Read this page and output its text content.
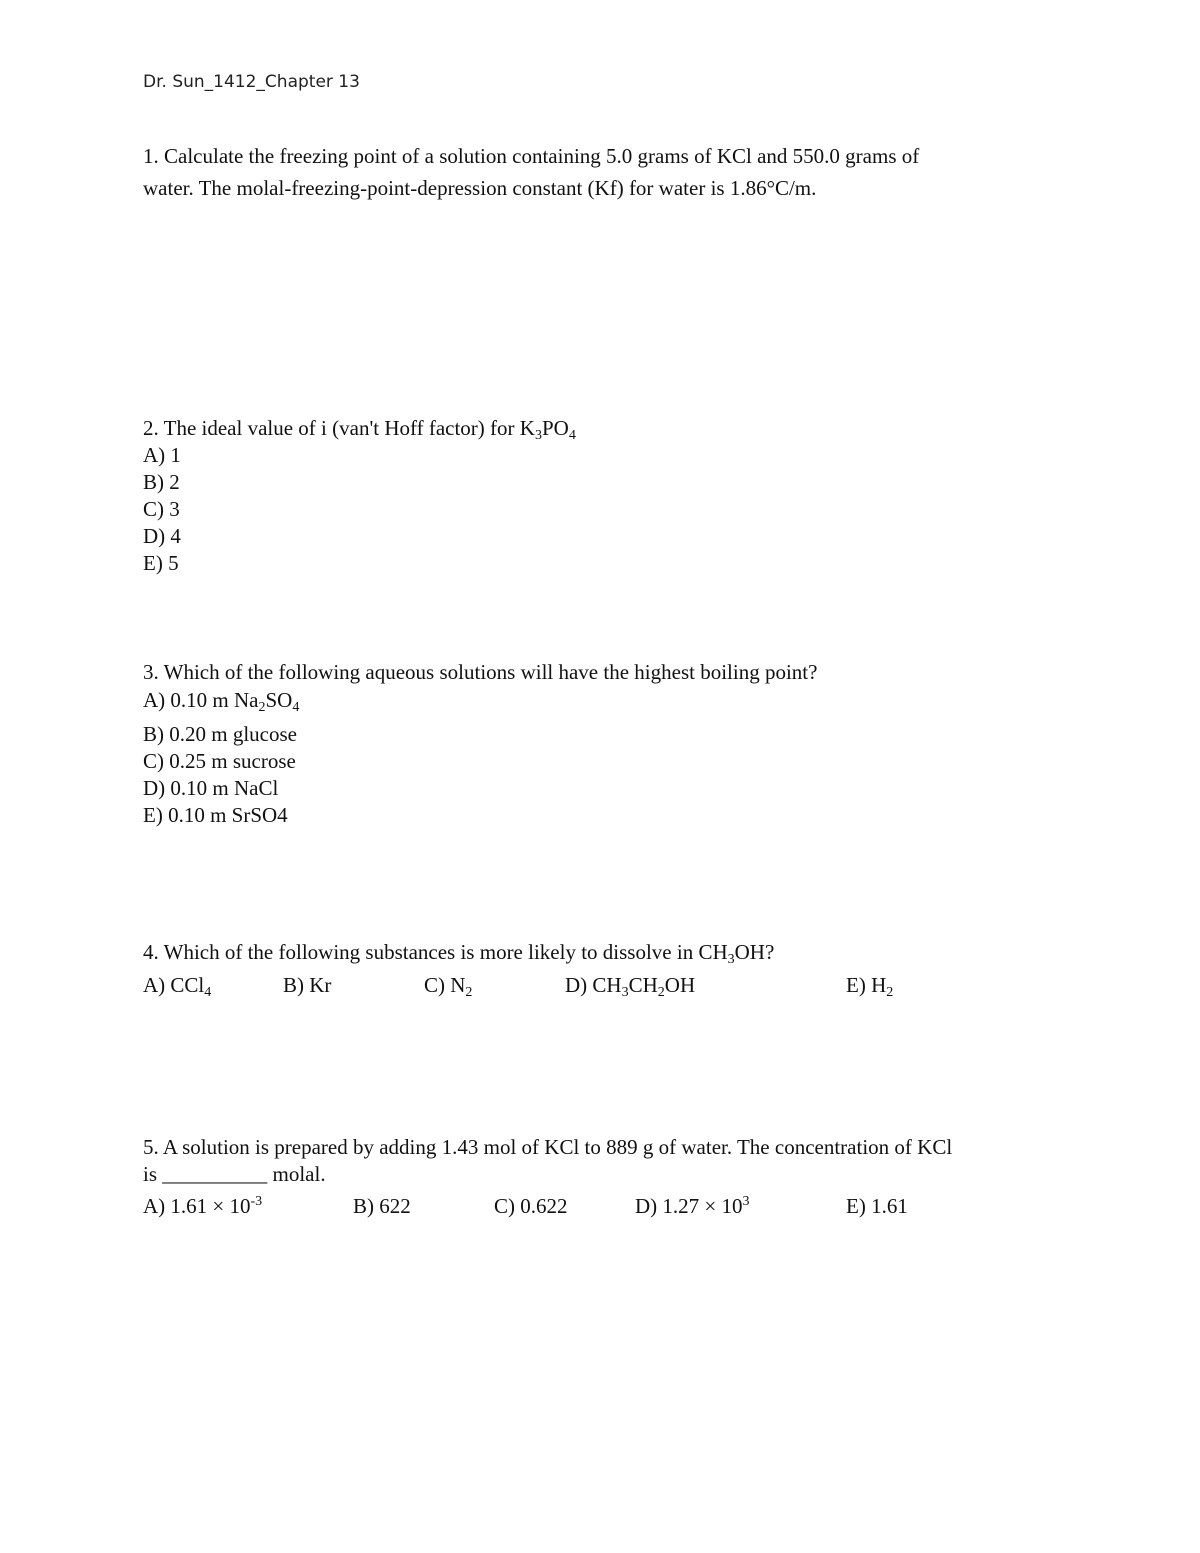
Dr. Sun_1412_Chapter 13
1. Calculate the freezing point of a solution containing 5.0 grams of KCl and 550.0 grams of
water. The molal-freezing-point-depression constant (Kf) for water is 1.86°C/m.
2. The ideal value of i (van't Hoff factor) for $K_3PO_4$
A) 1
B) 2
C) 3
D) 4
E) 5
3. Which of the following aqueous solutions will have the highest boiling point?
A) 0.10 m $Na_2SO_4$
B) 0.20 m glucose
C) 0.25 m sucrose
D) 0.10 m NaCl
E) 0.10 m SrSO4
4. Which of the following substances is more likely to dissolve in $CH_3OH$?
A) CCl$_4$	B) Kr	C) $N_2$	D) $CH_3CH_2OH$	E) $H_2$
5. A solution is prepared by adding 1.43 mol of KCl to 889 g of water. The concentration of KCl
is __________ molal.
A) $1.61 \times 10^{-3}$	B) 622	C) 0.622	D) $1.27 \times 10^3$	E) 1.61
